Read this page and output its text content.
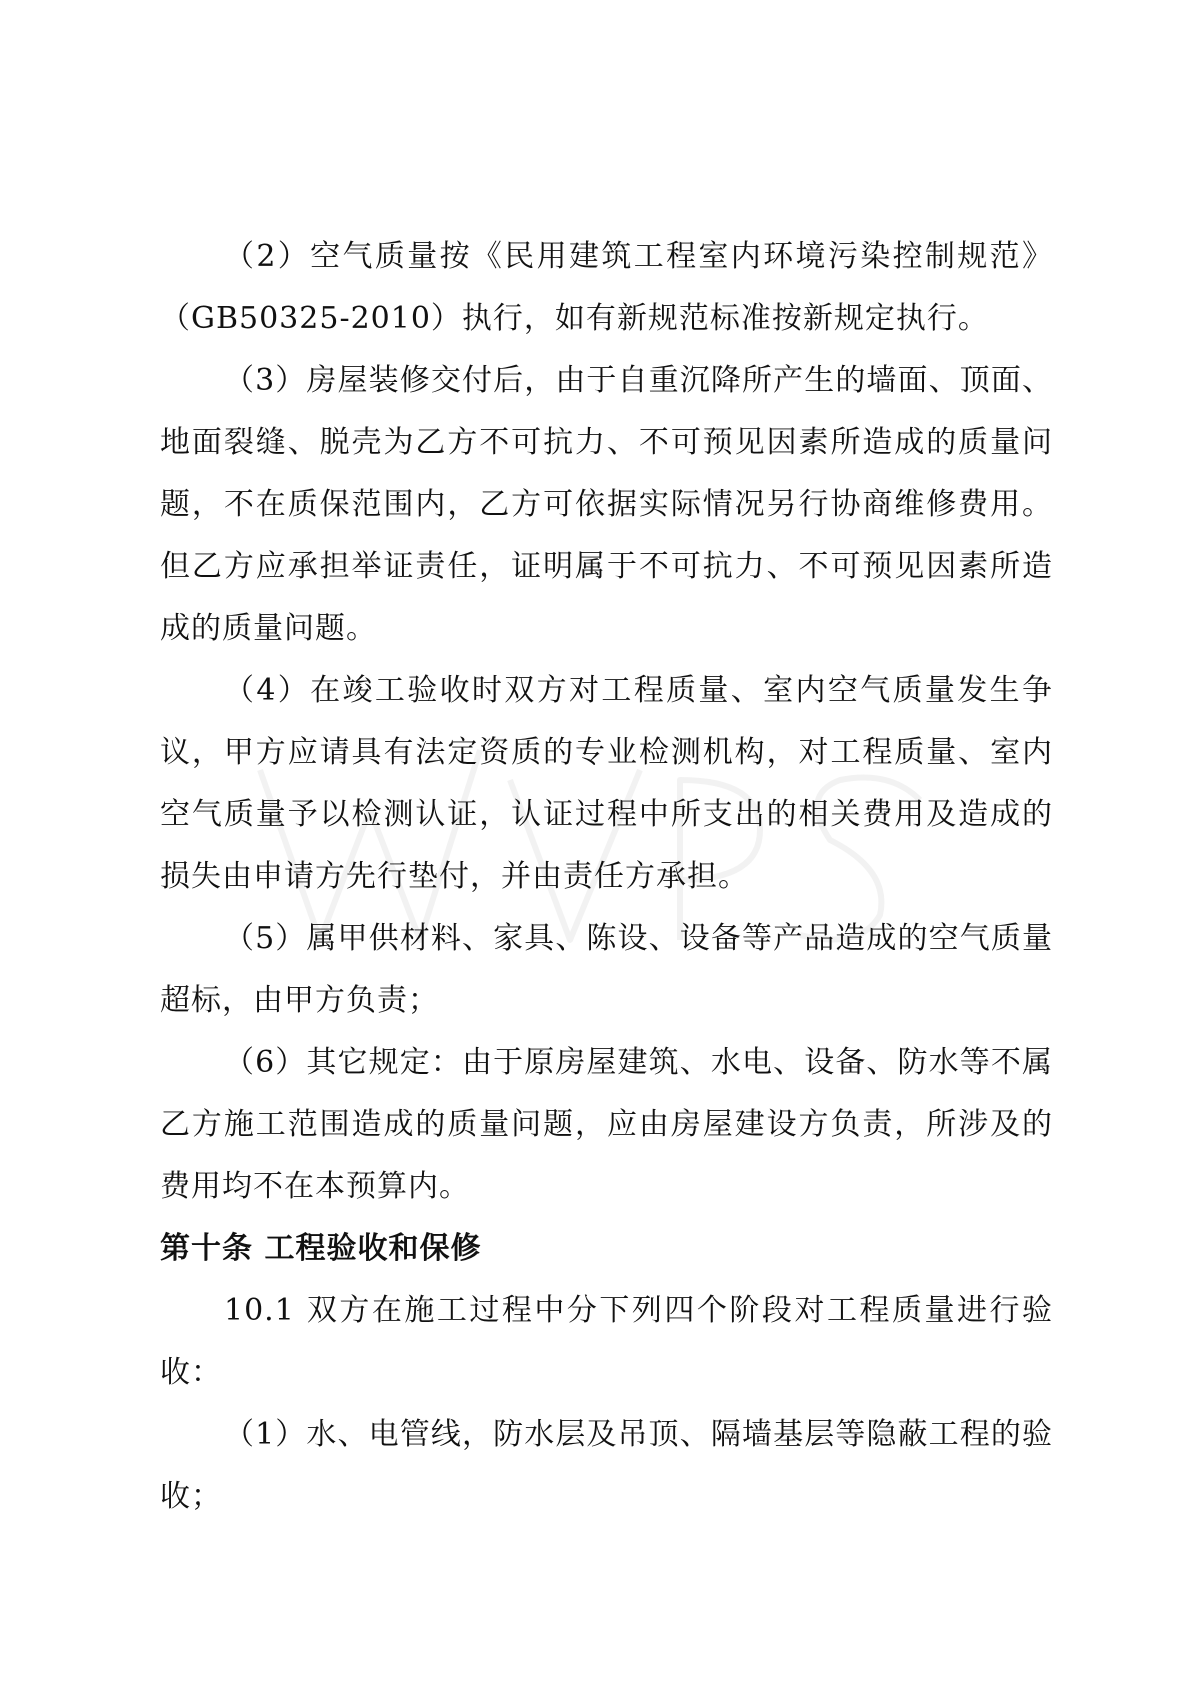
（2）空气质量按《民用建筑工程室内环境污染控制规范》（GB50325-2010）执行，如有新规范标准按新规定执行。

（3）房屋装修交付后，由于自重沉降所产生的墙面、顶面、地面裂缝、脱壳为乙方不可抗力、不可预见因素所造成的质量问题，不在质保范围内，乙方可依据实际情况另行协商维修费用。但乙方应承担举证责任，证明属于不可抗力、不可预见因素所造成的质量问题。

（4）在竣工验收时双方对工程质量、室内空气质量发生争议，甲方应请具有法定资质的专业检测机构，对工程质量、室内空气质量予以检测认证，认证过程中所支出的相关费用及造成的损失由申请方先行垫付，并由责任方承担。

（5）属甲供材料、家具、陈设、设备等产品造成的空气质量超标，由甲方负责；

（6）其它规定：由于原房屋建筑、水电、设备、防水等不属乙方施工范围造成的质量问题，应由房屋建设方负责，所涉及的费用均不在本预算内。

第十条 工程验收和保修

10.1 双方在施工过程中分下列四个阶段对工程质量进行验收：

（1）水、电管线，防水层及吊顶、隔墙基层等隐蔽工程的验收；
